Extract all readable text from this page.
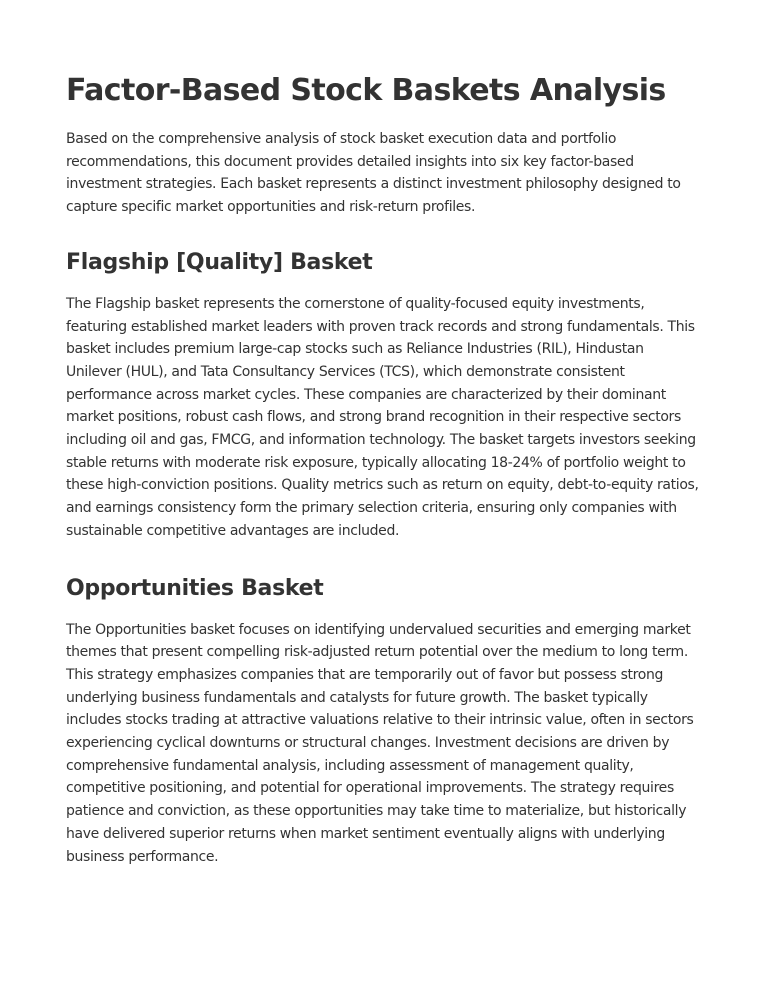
Factor-Based Stock Baskets Analysis

Based on the comprehensive analysis of stock basket execution data and portfolio recommendations, this document provides detailed insights into six key factor-based investment strategies. Each basket represents a distinct investment philosophy designed to capture specific market opportunities and risk-return profiles.

Flagship [Quality] Basket

The Flagship basket represents the cornerstone of quality-focused equity investments, featuring established market leaders with proven track records and strong fundamentals. This basket includes premium large-cap stocks such as Reliance Industries (RIL), Hindustan Unilever (HUL), and Tata Consultancy Services (TCS), which demonstrate consistent performance across market cycles. These companies are characterized by their dominant market positions, robust cash flows, and strong brand recognition in their respective sectors including oil and gas, FMCG, and information technology. The basket targets investors seeking stable returns with moderate risk exposure, typically allocating 18-24% of portfolio weight to these high-conviction positions. Quality metrics such as return on equity, debt-to-equity ratios, and earnings consistency form the primary selection criteria, ensuring only companies with sustainable competitive advantages are included.

Opportunities Basket

The Opportunities basket focuses on identifying undervalued securities and emerging market themes that present compelling risk-adjusted return potential over the medium to long term. This strategy emphasizes companies that are temporarily out of favor but possess strong underlying business fundamentals and catalysts for future growth. The basket typically includes stocks trading at attractive valuations relative to their intrinsic value, often in sectors experiencing cyclical downturns or structural changes. Investment decisions are driven by comprehensive fundamental analysis, including assessment of management quality, competitive positioning, and potential for operational improvements. The strategy requires patience and conviction, as these opportunities may take time to materialize, but historically have delivered superior returns when market sentiment eventually aligns with underlying business performance.
